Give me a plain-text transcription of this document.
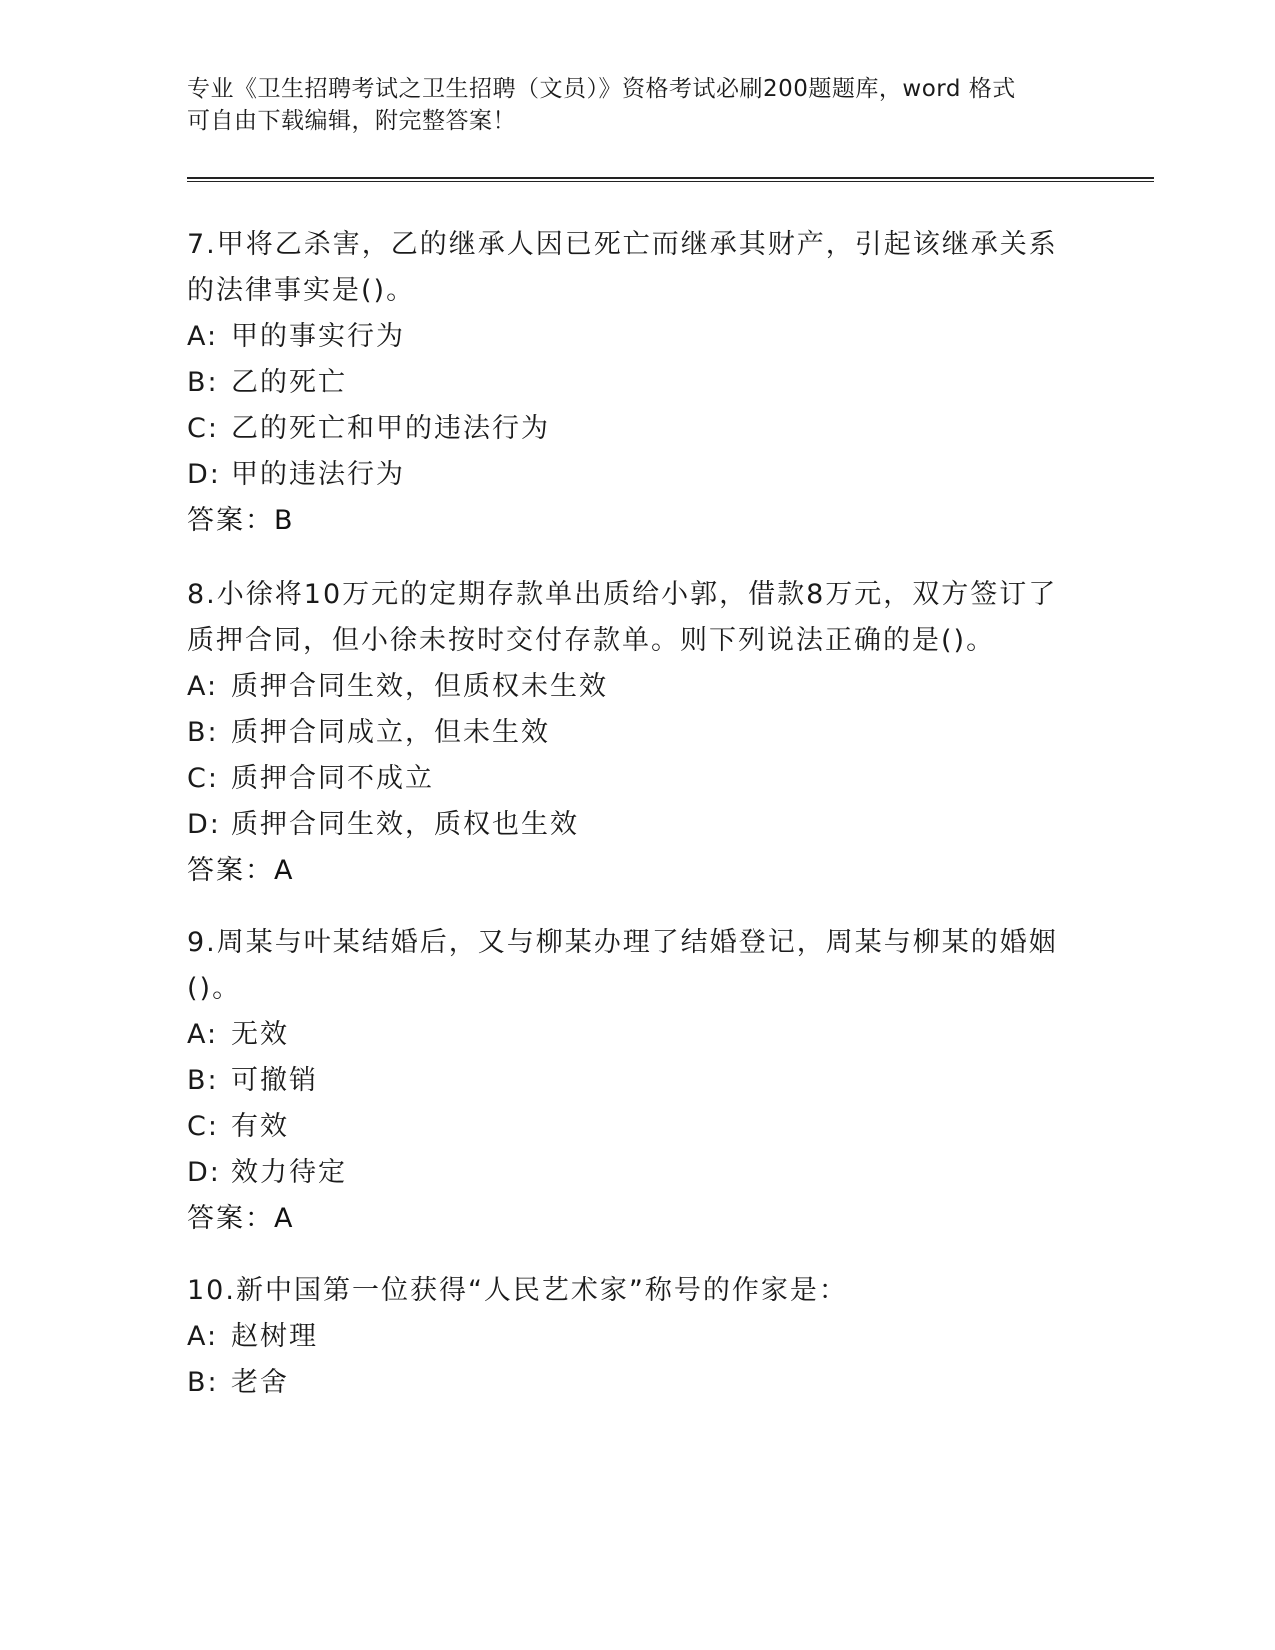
专业《卫生招聘考试之卫生招聘（文员）》资格考试必刷200题题库，word 格式
可自由下载编辑，附完整答案！
7.甲将乙杀害，乙的继承人因已死亡而继承其财产，引起该继承关系
的法律事实是()。
A: 甲的事实行为
B: 乙的死亡
C: 乙的死亡和甲的违法行为
D: 甲的违法行为
答案：B
8.小徐将10万元的定期存款单出质给小郭，借款8万元，双方签订了
质押合同，但小徐未按时交付存款单。则下列说法正确的是()。
A: 质押合同生效，但质权未生效
B: 质押合同成立，但未生效
C: 质押合同不成立
D: 质押合同生效，质权也生效
答案：A
9.周某与叶某结婚后，又与柳某办理了结婚登记，周某与柳某的婚姻
()。
A: 无效
B: 可撤销
C: 有效
D: 效力待定
答案：A
10.新中国第一位获得“人民艺术家”称号的作家是：
A: 赵树理
B: 老舍
